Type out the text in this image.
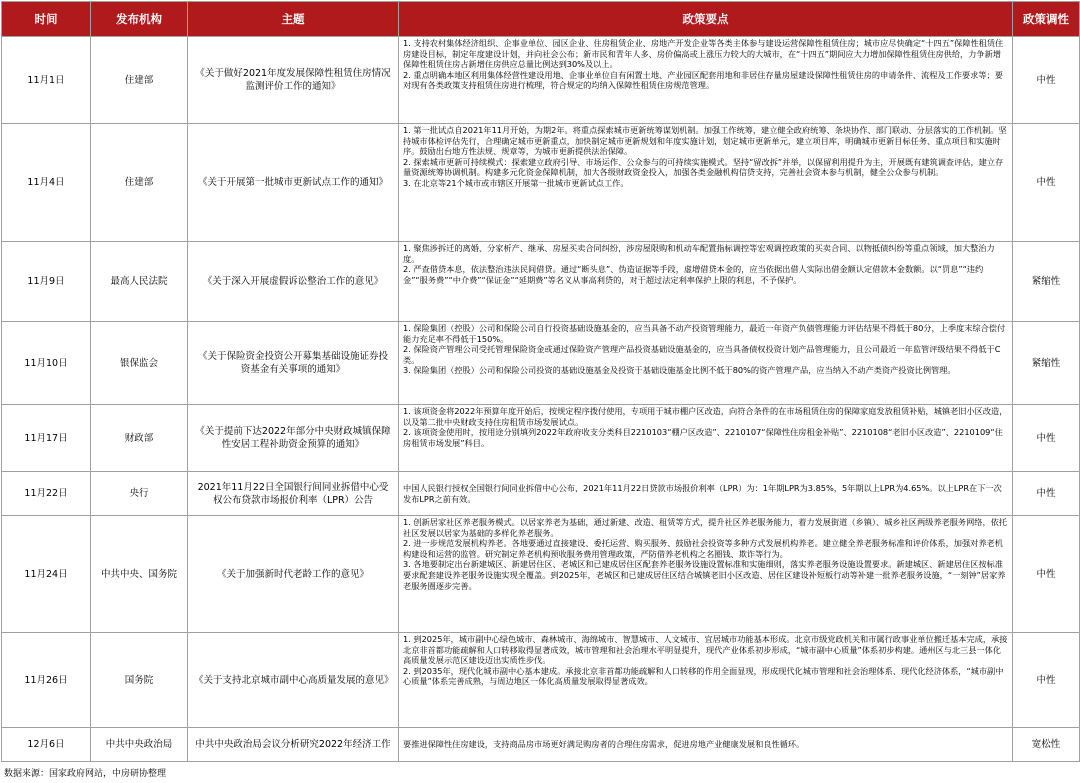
时间	发布机构	主题	政策要点	政策调性
11月1日	住建部	《关于做好2021年度发展保障性租赁住房情况监测评价工作的通知》	1. 支持农村集体经济组织、企事业单位、园区企业、住房租赁企业、房地产开发企业等各类主体参与建设运营保障性租赁住房；城市应尽快确定“十四五”保障性租赁住房建设目标，制定年度建设计划，并向社会公布；新市民和青年人多、房价偏高或上涨压力较大的大城市，在“十四五”期间应大力增加保障性租赁住房供给，力争新增保障性租赁住房占新增住房供应总量比例达到30%及以上。

2. 重点明确本地区利用集体经营性建设用地、企事业单位自有闲置土地、产业园区配套用地和非居住存量房屋建设保障性租赁住房的申请条件、流程及工作要求等；要对现有各类政策支持租赁住房进行梳理，符合规定的均纳入保障性租赁住房规范管理。	中性
11月4日	住建部	《关于开展第一批城市更新试点工作的通知》	1. 第一批试点自2021年11月开始，为期2年。将重点探索城市更新统筹谋划机制。加强工作统筹，建立健全政府统筹、条块协作、部门联动、分层落实的工作机制。坚持城市体检评估先行，合理确定城市更新重点，加快制定城市更新规划和年度实施计划，划定城市更新单元，建立项目库，明确城市更新目标任务、重点项目和实施时序。鼓励出台地方性法规、规章等，为城市更新提供法治保障。

2. 探索城市更新可持续模式：探索建立政府引导、市场运作、公众参与的可持续实施模式。坚持“留改拆”并举，以保留利用提升为主，开展既有建筑调查评估，建立存量资源统筹协调机制。构建多元化资金保障机制，加大各级财政资金投入，加强各类金融机构信贷支持，完善社会资本参与机制，健全公众参与机制。

3. 在北京等21个城市或市辖区开展第一批城市更新试点工作。	中性
11月9日	最高人民法院	《关于深入开展虚假诉讼整治工作的意见》	1. 聚焦涉拆迁的离婚、分家析产、继承、房屋买卖合同纠纷，涉房屋限购和机动车配置指标调控等宏观调控政策的买卖合同、以物抵债纠纷等重点领域，加大整治力度。

2. 严查借贷本息，依法整治违法民间借贷。通过“断头息”、伪造证据等手段，虚增借贷本金的，应当依据出借人实际出借金额认定借款本金数额。以“罚息”“违约金”“服务费”“中介费”“保证金”“延期费”等名义从事高利贷的，对于超过法定利率保护上限的利息，不予保护。	紧缩性
11月10日	银保监会	《关于保险资金投资公开募集基础设施证券投资基金有关事项的通知》	1. 保险集团（控股）公司和保险公司自行投资基础设施基金的，应当具备不动产投资管理能力，最近一年资产负债管理能力评估结果不得低于80分，上季度末综合偿付能力充足率不得低于150%。

2. 保险资产管理公司受托管理保险资金或通过保险资产管理产品投资基础设施基金的，应当具备债权投资计划产品管理能力，且公司最近一年监管评级结果不得低于C类。

3. 保险集团（控股）公司和保险公司投资的基础设施基金及投资于基础设施基金比例不低于80%的资产管理产品，应当纳入不动产类资产投资比例管理。	紧缩性
11月17日	财政部	《关于提前下达2022年部分中央财政城镇保障性安居工程补助资金预算的通知》	1. 该项资金将2022年预算年度开始后，按规定程序拨付使用，专项用于城市棚户区改造，向符合条件的在市场租赁住房的保障家庭发放租赁补贴，城镇老旧小区改造，以及第二批中央财政支持住房租赁市场发展试点。

2. 该项资金使用时，按用途分别填列2022年政府收支分类科目2210103“棚户区改造”、2210107“保障性住房租金补贴”、2210108“老旧小区改造”、2210109“住房租赁市场发展”科目。	中性
11月22日	央行	2021年11月22日全国银行间同业拆借中心受权公布贷款市场报价利率（LPR）公告	中国人民银行授权全国银行间同业拆借中心公布，2021年11月22日贷款市场报价利率（LPR）为：1年期LPR为3.85%，5年期以上LPR为4.65%。以上LPR在下一次发布LPR之前有效。	中性
11月24日	中共中央、国务院	《关于加强新时代老龄工作的意见》	1. 创新居家社区养老服务模式。以居家养老为基础，通过新建、改造、租赁等方式，提升社区养老服务能力，着力发展街道（乡镇）、城乡社区两级养老服务网络，依托社区发展以居家为基础的多样化养老服务。

2. 进一步规范发展机构养老。各地要通过直接建设、委托运营、购买服务、鼓励社会投资等多种方式发展机构养老。建立健全养老服务标准和评价体系，加强对养老机构建设和运营的监管。研究制定养老机构预收服务费用管理政策，严防借养老机构之名圈钱、欺诈等行为。

3. 各地要制定出台新建城区、新建居住区、老城区和已建成居住区配套养老服务设施设置标准和实施细则，落实养老服务设施设置要求。新建城区、新建居住区按标准要求配套建设养老服务设施实现全覆盖。到2025年，老城区和已建成居住区结合城镇老旧小区改造、居住区建设补短板行动等补建一批养老服务设施，“一刻钟”居家养老服务圈逐步完善。	中性
11月26日	国务院	《关于支持北京城市副中心高质量发展的意见》	1. 到2025年，城市副中心绿色城市、森林城市、海绵城市、智慧城市、人文城市、宜居城市功能基本形成。北京市级党政机关和市属行政事业单位搬迁基本完成，承接北京非首都功能疏解和人口转移取得显著成效，城市管理和社会治理水平明显提升，现代产业体系初步形成，“城市副中心质量”体系初步构建。通州区与北三县一体化高质量发展示范区建设迈出实质性步伐。

2. 到2035年，现代化城市副中心基本建成。承接北京非首都功能疏解和人口转移的作用全面显现，形成现代化城市管理和社会治理体系、现代化经济体系，“城市副中心质量”体系完善成熟，与周边地区一体化高质量发展取得显著成效。	中性
12月6日	中共中央政治局	中共中央政治局会议分析研究2022年经济工作	要推进保障性住房建设，支持商品房市场更好满足购房者的合理住房需求，促进房地产业健康发展和良性循环。	宽松性
数据来源：国家政府网站，中房研协整理
